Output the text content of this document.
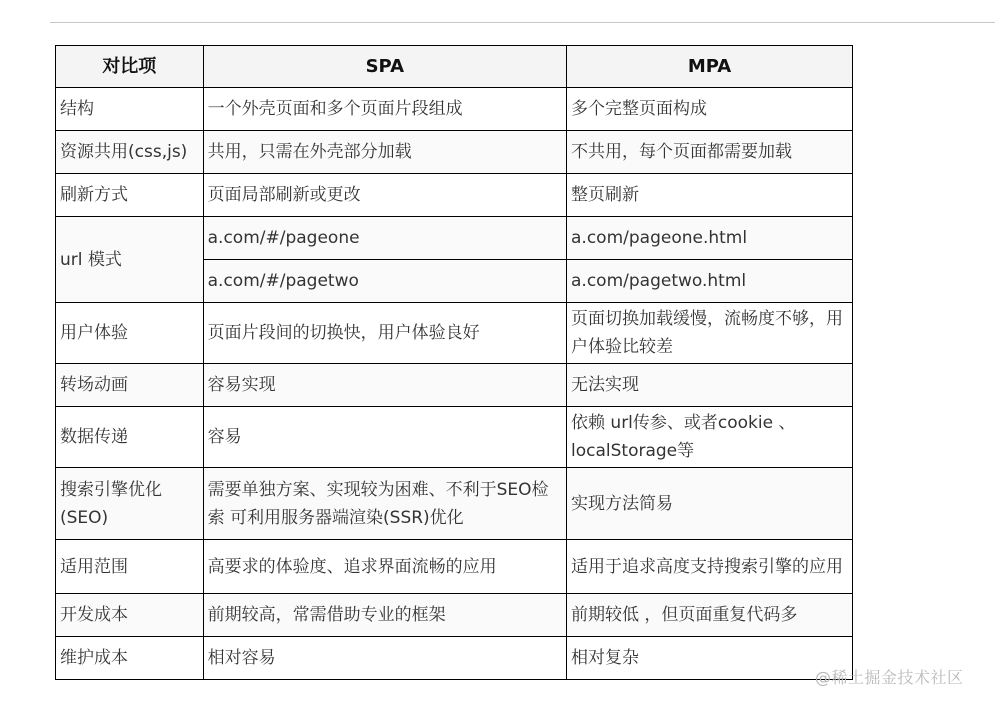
对比项	SPA	MPA
结构	一个外壳页面和多个页面片段组成	多个完整页面构成
资源共用(css,js)	共用，只需在外壳部分加载	不共用，每个页面都需要加载
刷新方式	页面局部刷新或更改	整页刷新
url 模式	a.com/#/pageone	a.com/pageone.html
	a.com/#/pagetwo	a.com/pagetwo.html
用户体验	页面片段间的切换快，用户体验良好	页面切换加载缓慢，流畅度不够，用户体验比较差
转场动画	容易实现	无法实现
数据传递	容易	依赖 url传参、或者cookie 、localStorage等
搜索引擎优化(SEO)	需要单独方案、实现较为困难、不利于SEO检索 可利用服务器端渲染(SSR)优化	实现方法简易
适用范围	高要求的体验度、追求界面流畅的应用	适用于追求高度支持搜索引擎的应用
开发成本	前期较高，常需借助专业的框架	前期较低 ，但页面重复代码多
维护成本	相对容易	相对复杂
@稀土掘金技术社区
